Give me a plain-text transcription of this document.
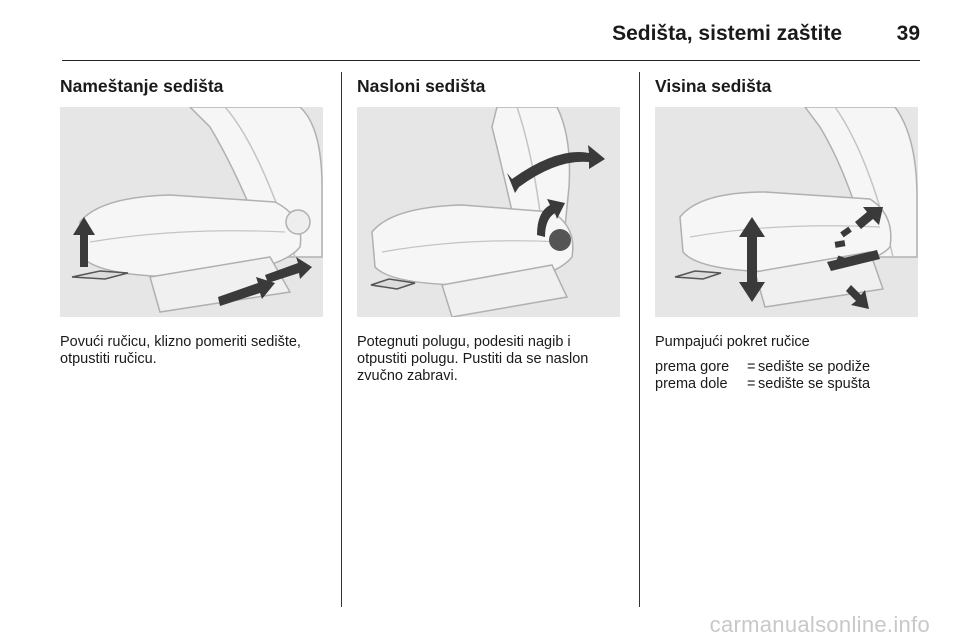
Sedišta, sistemi zaštite	39
Nameštanje sedišta
Povući ručicu, klizno pomeriti sedište, otpustiti ručicu.
Nasloni sedišta
Potegnuti polugu, podesiti nagib i otpustiti polugu. Pustiti da se naslon zvučno zabravi.
Visina sedišta
Pumpajući pokret ručice
prema gore	= sedište se podiže
prema dole	= sedište se spušta
carmanualsonline.info
